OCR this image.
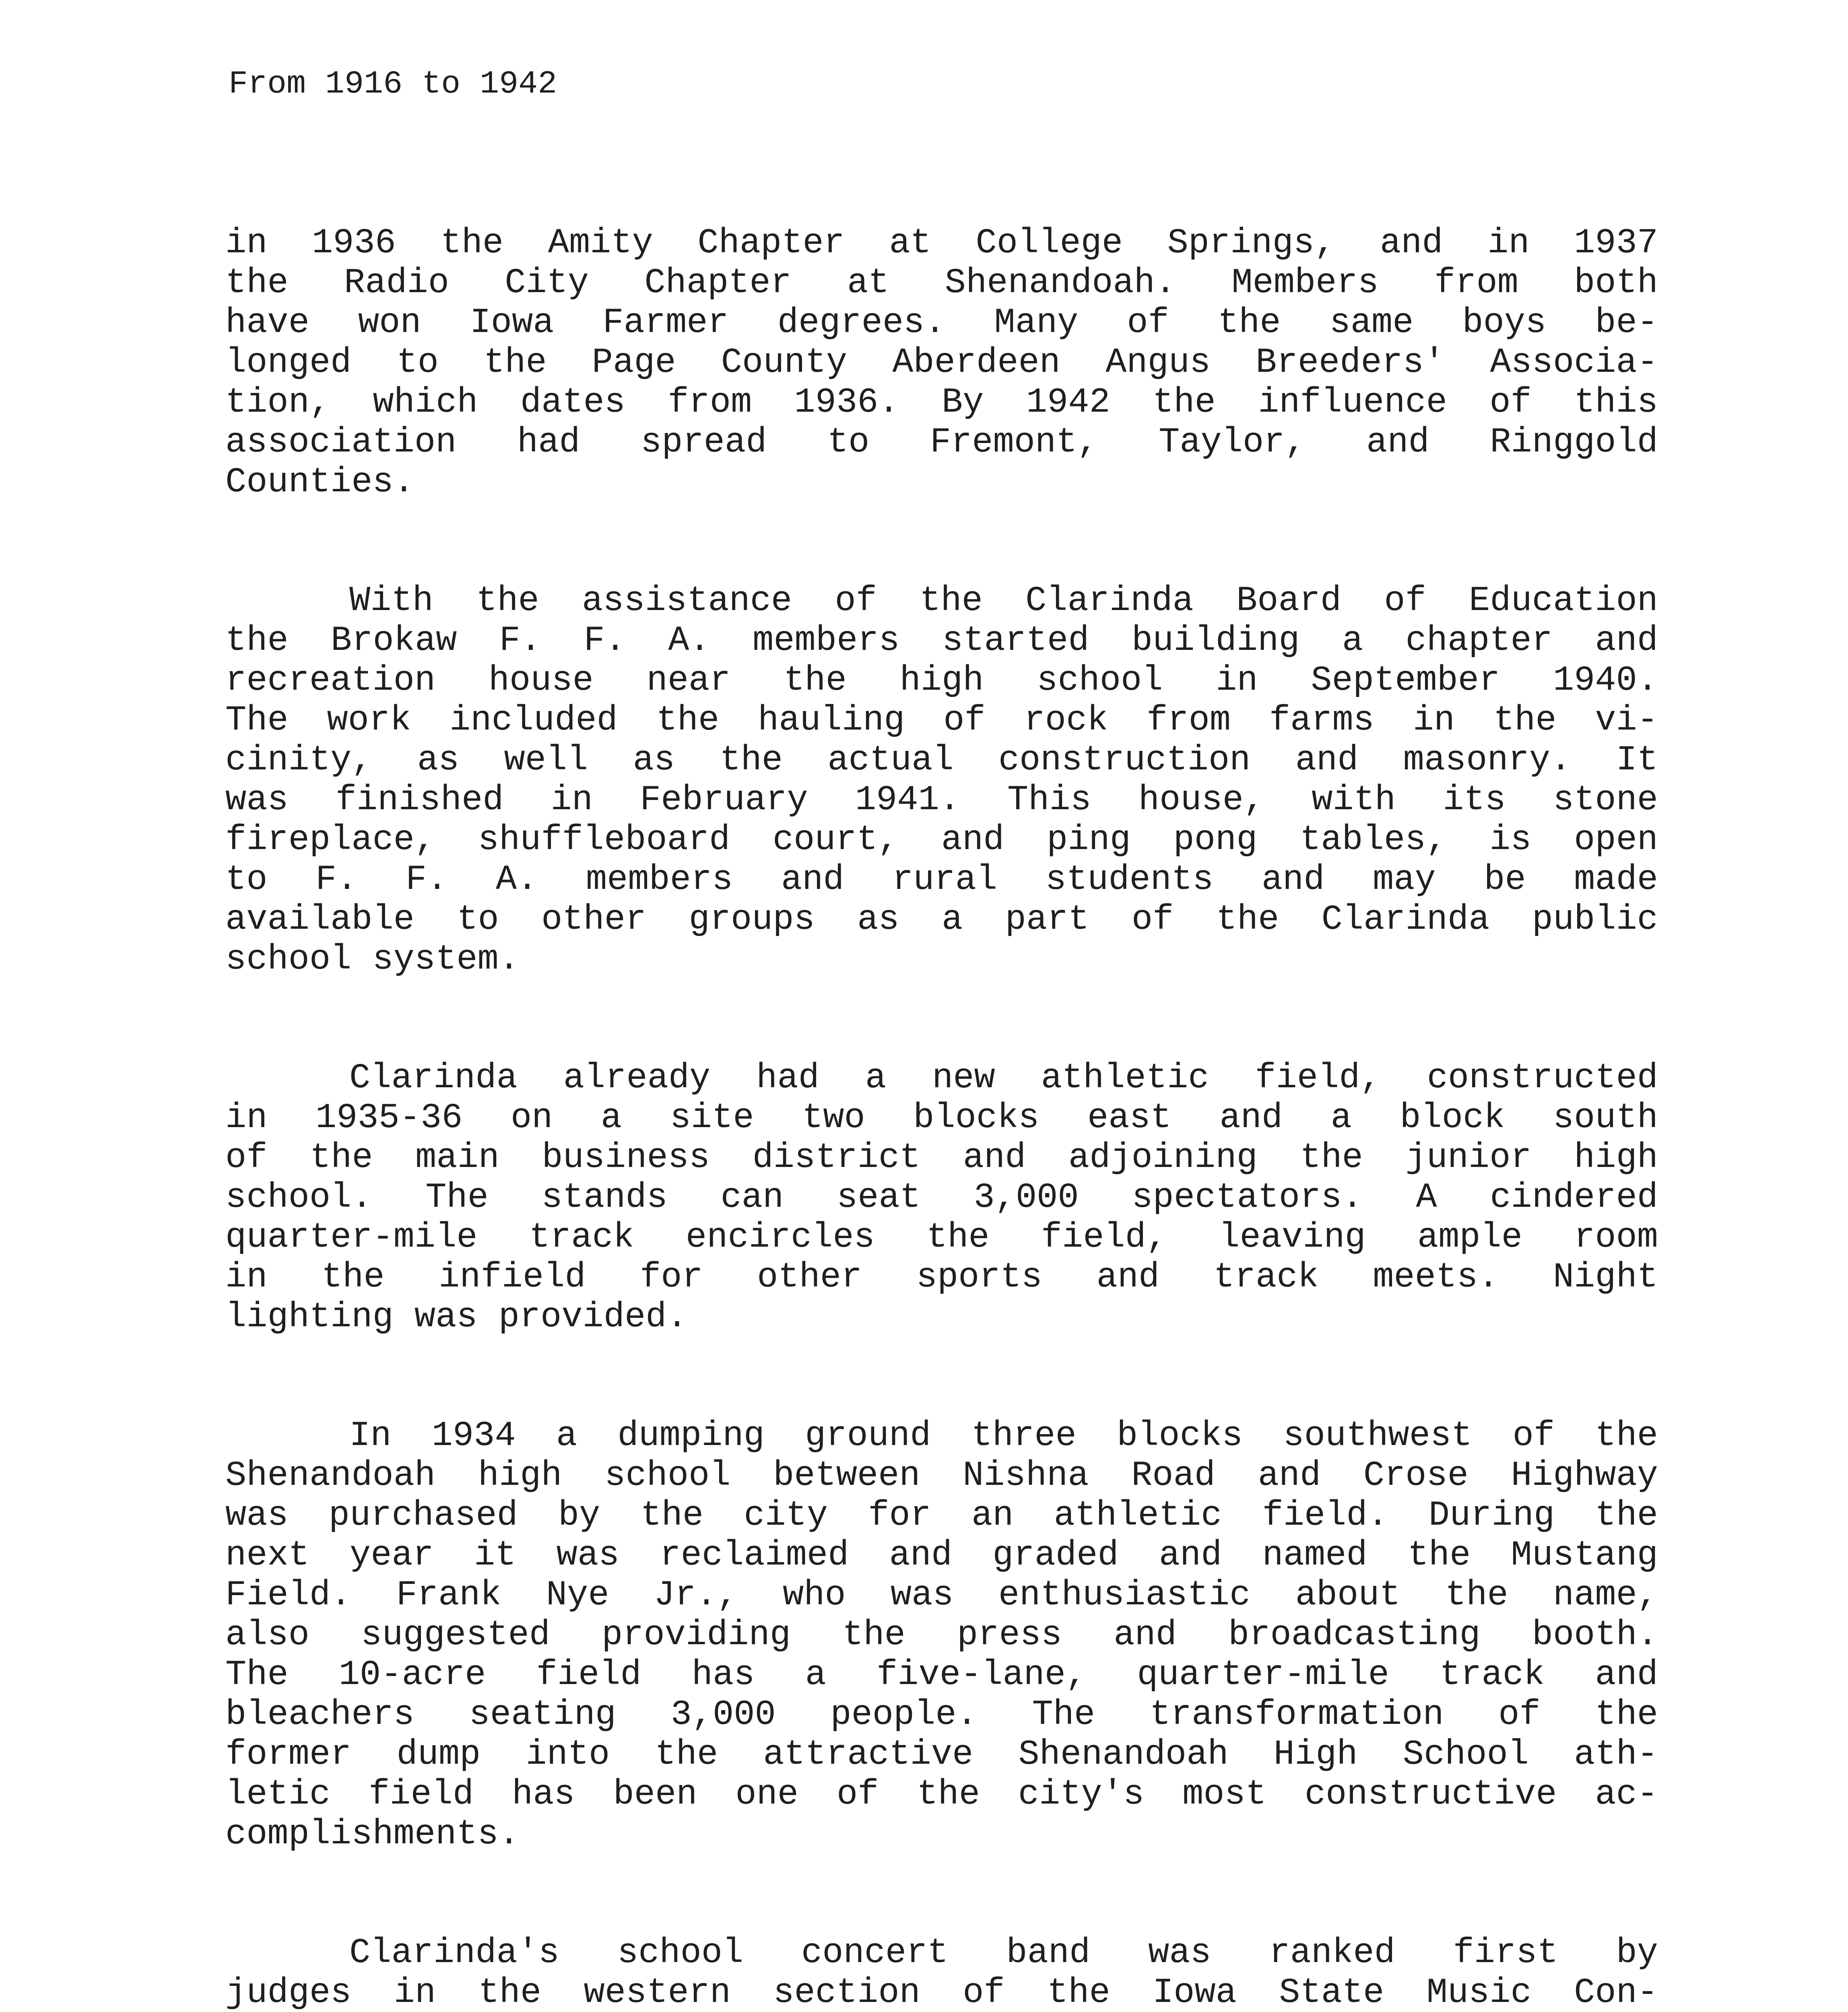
From 1916 to 1942
in 1936 the Amity Chapter at College Springs, and in 1937
the Radio City Chapter at Shenandoah. Members from both
have won Iowa Farmer degrees. Many of the same boys be-
longed to the Page County Aberdeen Angus Breeders' Associa-
tion, which dates from 1936. By 1942 the influence of this
association had spread to Fremont, Taylor, and Ringgold
Counties.
With the assistance of the Clarinda Board of Education
the Brokaw F. F. A. members started building a chapter and
recreation house near the high school in September 1940.
The work included the hauling of rock from farms in the vi-
cinity, as well as the actual construction and masonry. It
was finished in February 1941. This house, with its stone
fireplace, shuffleboard court, and ping pong tables, is open
to F. F. A. members and rural students and may be made
available to other groups as a part of the Clarinda public
school system.
Clarinda already had a new athletic field, constructed
in 1935-36 on a site two blocks east and a block south
of the main business district and adjoining the junior high
school. The stands can seat 3,000 spectators. A cindered
quarter-mile track encircles the field, leaving ample room
in the infield for other sports and track meets. Night
lighting was provided.
In 1934 a dumping ground three blocks southwest of the
Shenandoah high school between Nishna Road and Crose Highway
was purchased by the city for an athletic field. During the
next year it was reclaimed and graded and named the Mustang
Field. Frank Nye Jr., who was enthusiastic about the name,
also suggested providing the press and broadcasting booth.
The 10-acre field has a five-lane, quarter-mile track and
bleachers seating 3,000 people. The transformation of the
former dump into the attractive Shenandoah High School ath-
letic field has been one of the city's most constructive ac-
complishments.
Clarinda's school concert band was ranked first by
judges in the western section of the Iowa State Music Con-
